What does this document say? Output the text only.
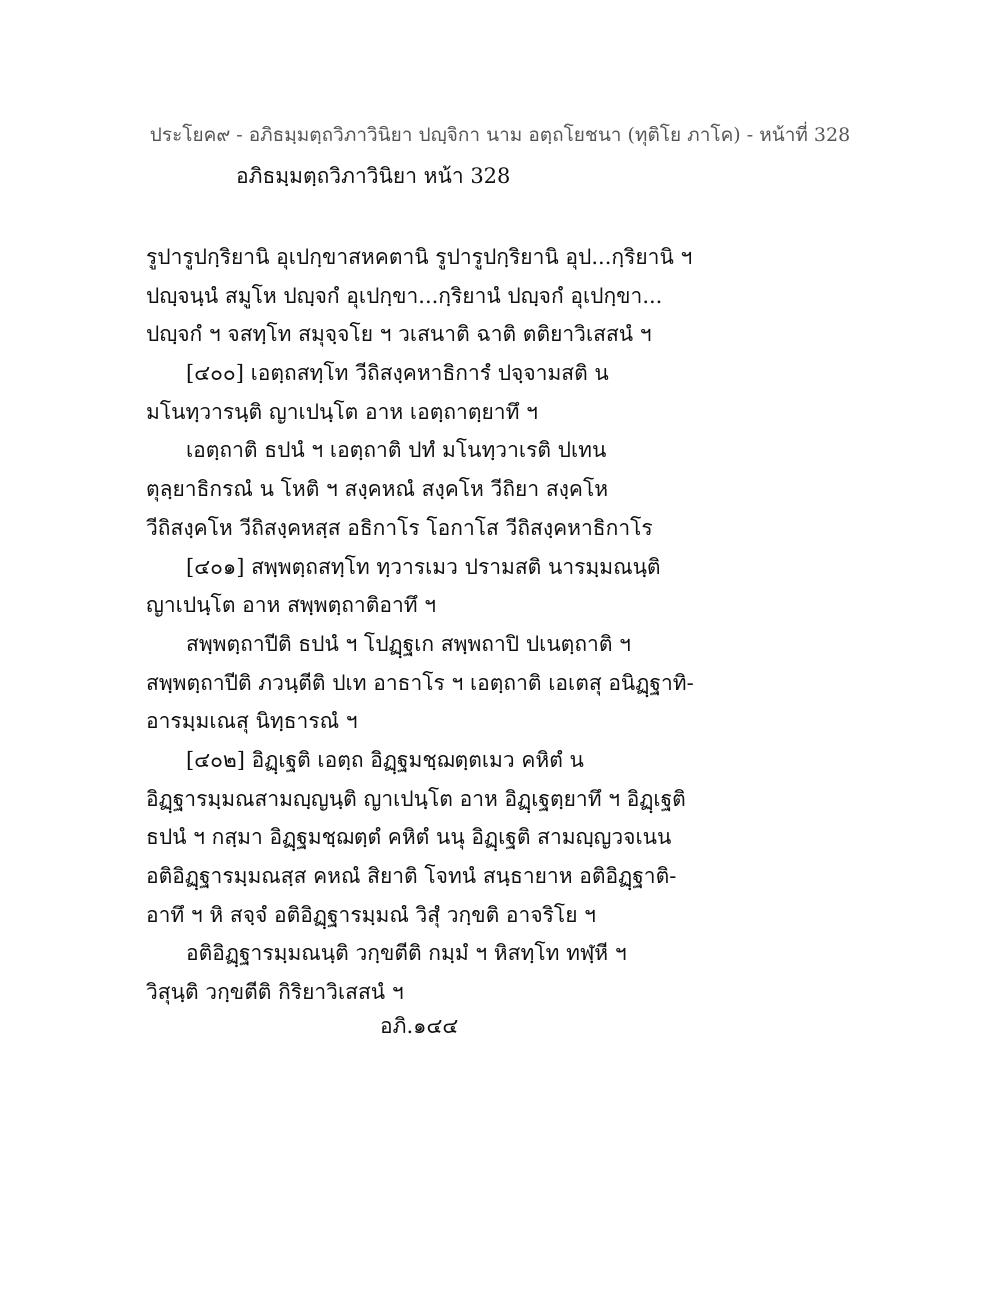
ประโยค๙ - อภิธมฺมตฺถวิภาวินิยา ปญฺจิกา นาม อตฺถโยชนา (ทุติโย ภาโค) - หน้าที่ 328
อภิธมฺมตฺถวิภาวินิยา หน้า 328
รูปารูปกฺริยานิ อุเปกฺขาสหคตานิ รูปารูปกฺริยานิ อุป...กฺริยานิ ฯ
ปญฺจนฺนํ สมูโห ปญฺจกํ อุเปกฺขา...กฺริยานํ ปญฺจกํ อุเปกฺขา...
ปญฺจกํ ฯ จสทฺโท สมุจฺจโย ฯ วเสนาติ ฉาติ ตติยาวิเสสนํ ฯ
[๔๐๐] เอตฺถสทฺโท วีถิสงฺคหาธิการํ ปจฺจามสติ น
มโนทฺวารนฺติ ญาเปนฺโต อาห เอตฺถาตฺยาทึ ฯ
เอตฺถาติ ธปนํ ฯ เอตฺถาติ ปทํ มโนทฺวาเรติ ปเทน
ตุลฺยาธิกรณํ น โหติ ฯ สงฺคหณํ สงฺคโห วีถิยา สงฺคโห
วีถิสงฺคโห วีถิสงฺคหสฺส อธิกาโร โอกาโส วีถิสงฺคหาธิกาโร
[๔๐๑] สพฺพตฺถสทฺโท ทฺวารเมว ปรามสติ นารมฺมณนฺติ
ญาเปนฺโต อาห สพฺพตฺถาติอาทึ ฯ
สพฺพตฺถาปีติ ธปนํ ฯ โปฏฺฐเก สพฺพถาปิ ปเนตฺถาติ ฯ
สพฺพตฺถาปีติ ภวนฺตีติ ปเท อาธาโร ฯ เอตฺถาติ เอเตสุ อนิฏฺฐาทิ-
อารมฺมเณสุ นิทฺธารณํ ฯ
[๔๐๒] อิฏฺเฐติ เอตฺถ อิฏฺฐมชฺฌตฺตเมว คหิตํ น
อิฏฺฐารมฺมณสามญฺญนฺติ ญาเปนฺโต อาห อิฏฺเฐตฺยาทึ ฯ อิฏฺเฐติ
ธปนํ ฯ กสฺมา อิฏฺฐมชฺฌตฺตํ คหิตํ นนุ อิฏฺเฐติ สามญฺญวจเนน
อติอิฏฺฐารมฺมณสฺส คหณํ สิยาติ โจทนํ สนฺธายาห อติอิฏฺฐาติ-
อาทึ ฯ หิ สจฺจํ อติอิฏฺฐารมฺมณํ วิสุํ วกฺขติ อาจริโย ฯ
อติอิฏฺฐารมฺมณนฺติ วกฺขตีติ กมฺมํ ฯ หิสทฺโท ทฬฺหี ฯ
วิสุนฺติ วกฺขตีติ กิริยาวิเสสนํ ฯ
อภิ.๑๔๔
